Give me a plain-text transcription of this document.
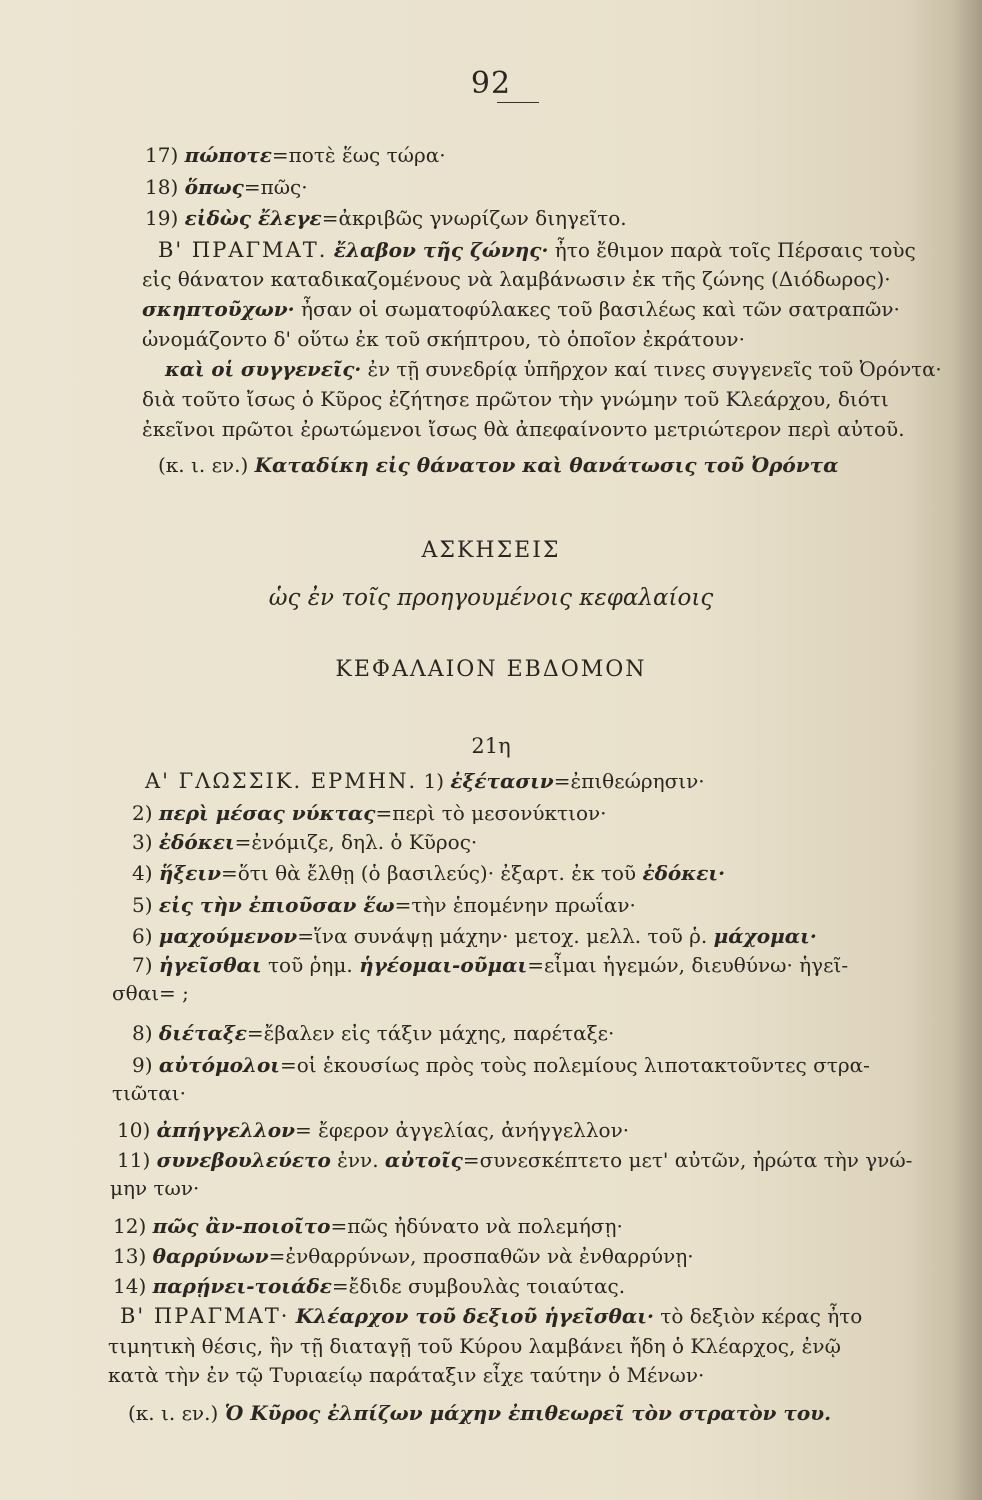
92
17) πώποτε=ποτὲ ἕως τώρα·
18) ὅπως=πῶς·
19) εἰδὼς ἔλεγε=ἀκριβῶς γνωρίζων διηγεῖτο.
Β' ΠΡΑΓΜΑΤ. ἔλαβον τῆς ζώνης· ἦτο ἔθιμον παρὰ τοῖς Πέρσαις τοὺς
εἰς θάνατον καταδικαζομένους νὰ λαμβάνωσιν ἐκ τῆς ζώνης (Διόδωρος)·
σκηπτοῦχων· ἦσαν οἱ σωματοφύλακες τοῦ βασιλέως καὶ τῶν σατραπῶν·
ὠνομάζοντο δ' οὕτω ἐκ τοῦ σκήπτρου, τὸ ὁποῖον ἐκράτουν·
καὶ οἱ συγγενεῖς· ἐν τῇ συνεδρίᾳ ὑπῆρχον καί τινες συγγενεῖς τοῦ Ὀρόντα·
διὰ τοῦτο ἴσως ὁ Κῦρος ἐζήτησε πρῶτον τὴν γνώμην τοῦ Κλεάρχου, διότι
ἐκεῖνοι πρῶτοι ἐρωτώμενοι ἴσως θὰ ἀπεφαίνοντο μετριώτερον περὶ αὐτοῦ.
(κ. ι. εν.) Καταδίκη εἰς θάνατον καὶ θανάτωσις τοῦ Ὀρόντα
ΑΣΚΗΣΕΙΣ
ὡς ἐν τοῖς προηγουμένοις κεφαλαίοις
ΚΕΦΑΛΑΙΟΝ ΕΒΔΟΜΟΝ
21η
Α' ΓΛΩΣΣΙΚ. ΕΡΜΗΝ. 1) ἐξέτασιν=ἐπιθεώρησιν·
2) περὶ μέσας νύκτας=περὶ τὸ μεσονύκτιον·
3) ἐδόκει=ἐνόμιζε, δηλ. ὁ Κῦρος·
4) ἥξειν=ὅτι θὰ ἔλθῃ (ὁ βασιλεύς)· ἐξαρτ. ἐκ τοῦ ἐδόκει·
5) εἰς τὴν ἐπιοῦσαν ἕω=τὴν ἑπομένην πρωΐαν·
6) μαχούμενον=ἵνα συνάψῃ μάχην· μετοχ. μελλ. τοῦ ῥ. μάχομαι·
7) ἡγεῖσθαι τοῦ ῥημ. ἡγέομαι-οῦμαι=εἶμαι ἡγεμών, διευθύνω· ἡγεῖ-
σθαι= ;
8) διέταξε=ἔβαλεν εἰς τάξιν μάχης, παρέταξε·
9) αὐτόμολοι=οἱ ἑκουσίως πρὸς τοὺς πολεμίους λιποτακτοῦντες στρα-
τιῶται·
10) ἀπήγγελλον= ἔφερον ἀγγελίας, ἀνήγγελλον·
11) συνεβουλεύετο ἐνν. αὐτοῖς=συνεσκέπτετο μετ' αὐτῶν, ἠρώτα τὴν γνώ-
μην των·
12) πῶς ἂν-ποιοῖτο=πῶς ἠδύνατο νὰ πολεμήσῃ·
13) θαρρύνων=ἐνθαρρύνων, προσπαθῶν νὰ ἐνθαρρύνῃ·
14) παρῄνει-τοιάδε=ἔδιδε συμβουλὰς τοιαύτας.
Β' ΠΡΑΓΜΑΤ· Κλέαρχον τοῦ δεξιοῦ ἡγεῖσθαι· τὸ δεξιὸν κέρας ἦτο
τιμητικὴ θέσις, ἣν τῇ διαταγῇ τοῦ Κύρου λαμβάνει ἤδη ὁ Κλέαρχος, ἐνῷ
κατὰ τὴν ἐν τῷ Τυριαείῳ παράταξιν εἶχε ταύτην ὁ Μένων·
(κ. ι. εν.) Ὁ Κῦρος ἐλπίζων μάχην ἐπιθεωρεῖ τὸν στρατὸν του.
